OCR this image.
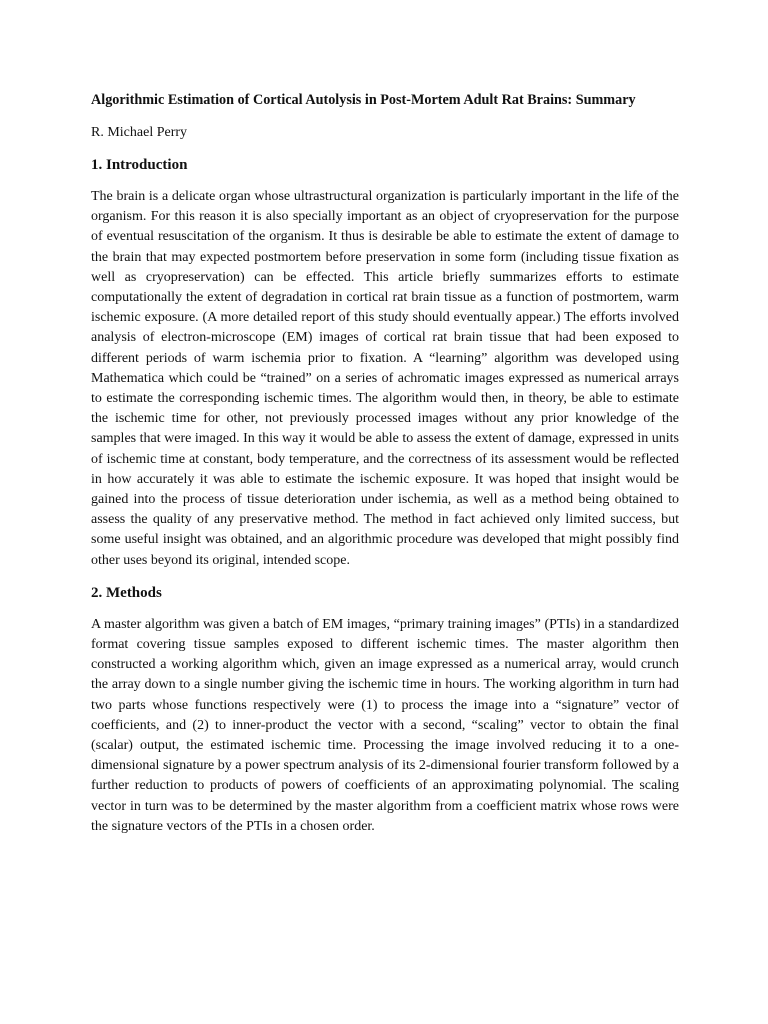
Algorithmic Estimation of Cortical Autolysis in Post-Mortem Adult Rat Brains: Summary
R. Michael Perry
1. Introduction

The brain is a delicate organ whose ultrastructural organization is particularly important in the life of the organism. For this reason it is also specially important as an object of cryopreservation for the purpose of eventual resuscitation of the organism. It thus is desirable be able to estimate the extent of damage to the brain that may expected postmortem before preservation in some form (including tissue fixation as well as cryopreservation) can be effected. This article briefly summarizes efforts to estimate computationally the extent of degradation in cortical rat brain tissue as a function of postmortem, warm ischemic exposure. (A more detailed report of this study should eventually appear.) The efforts involved analysis of electron-microscope (EM) images of cortical rat brain tissue that had been exposed to different periods of warm ischemia prior to fixation. A “learning” algorithm was developed using Mathematica which could be “trained” on a series of achromatic images expressed as numerical arrays to estimate the corresponding ischemic times. The algorithm would then, in theory, be able to estimate the ischemic time for other, not previously processed images without any prior knowledge of the samples that were imaged. In this way it would be able to assess the extent of damage, expressed in units of ischemic time at constant, body temperature, and the correctness of its assessment would be reflected in how accurately it was able to estimate the ischemic exposure. It was hoped that insight would be gained into the process of tissue deterioration under ischemia, as well as a method being obtained to assess the quality of any preservative method. The method in fact achieved only limited success, but some useful insight was obtained, and an algorithmic procedure was developed that might possibly find other uses beyond its original, intended scope.

2. Methods

A master algorithm was given a batch of EM images, “primary training images” (PTIs) in a standardized format covering tissue samples exposed to different ischemic times. The master algorithm then constructed a working algorithm which, given an image expressed as a numerical array, would crunch the array down to a single number giving the ischemic time in hours. The working algorithm in turn had two parts whose functions respectively were (1) to process the image into a “signature” vector of coefficients, and (2) to inner-product the vector with a second, “scaling” vector to obtain the final (scalar) output, the estimated ischemic time. Processing the image involved reducing it to a one-dimensional signature by a power spectrum analysis of its 2-dimensional fourier transform followed by a further reduction to products of powers of coefficients of an approximating polynomial. The scaling vector in turn was to be determined by the master algorithm from a coefficient matrix whose rows were the signature vectors of the PTIs in a chosen order.
